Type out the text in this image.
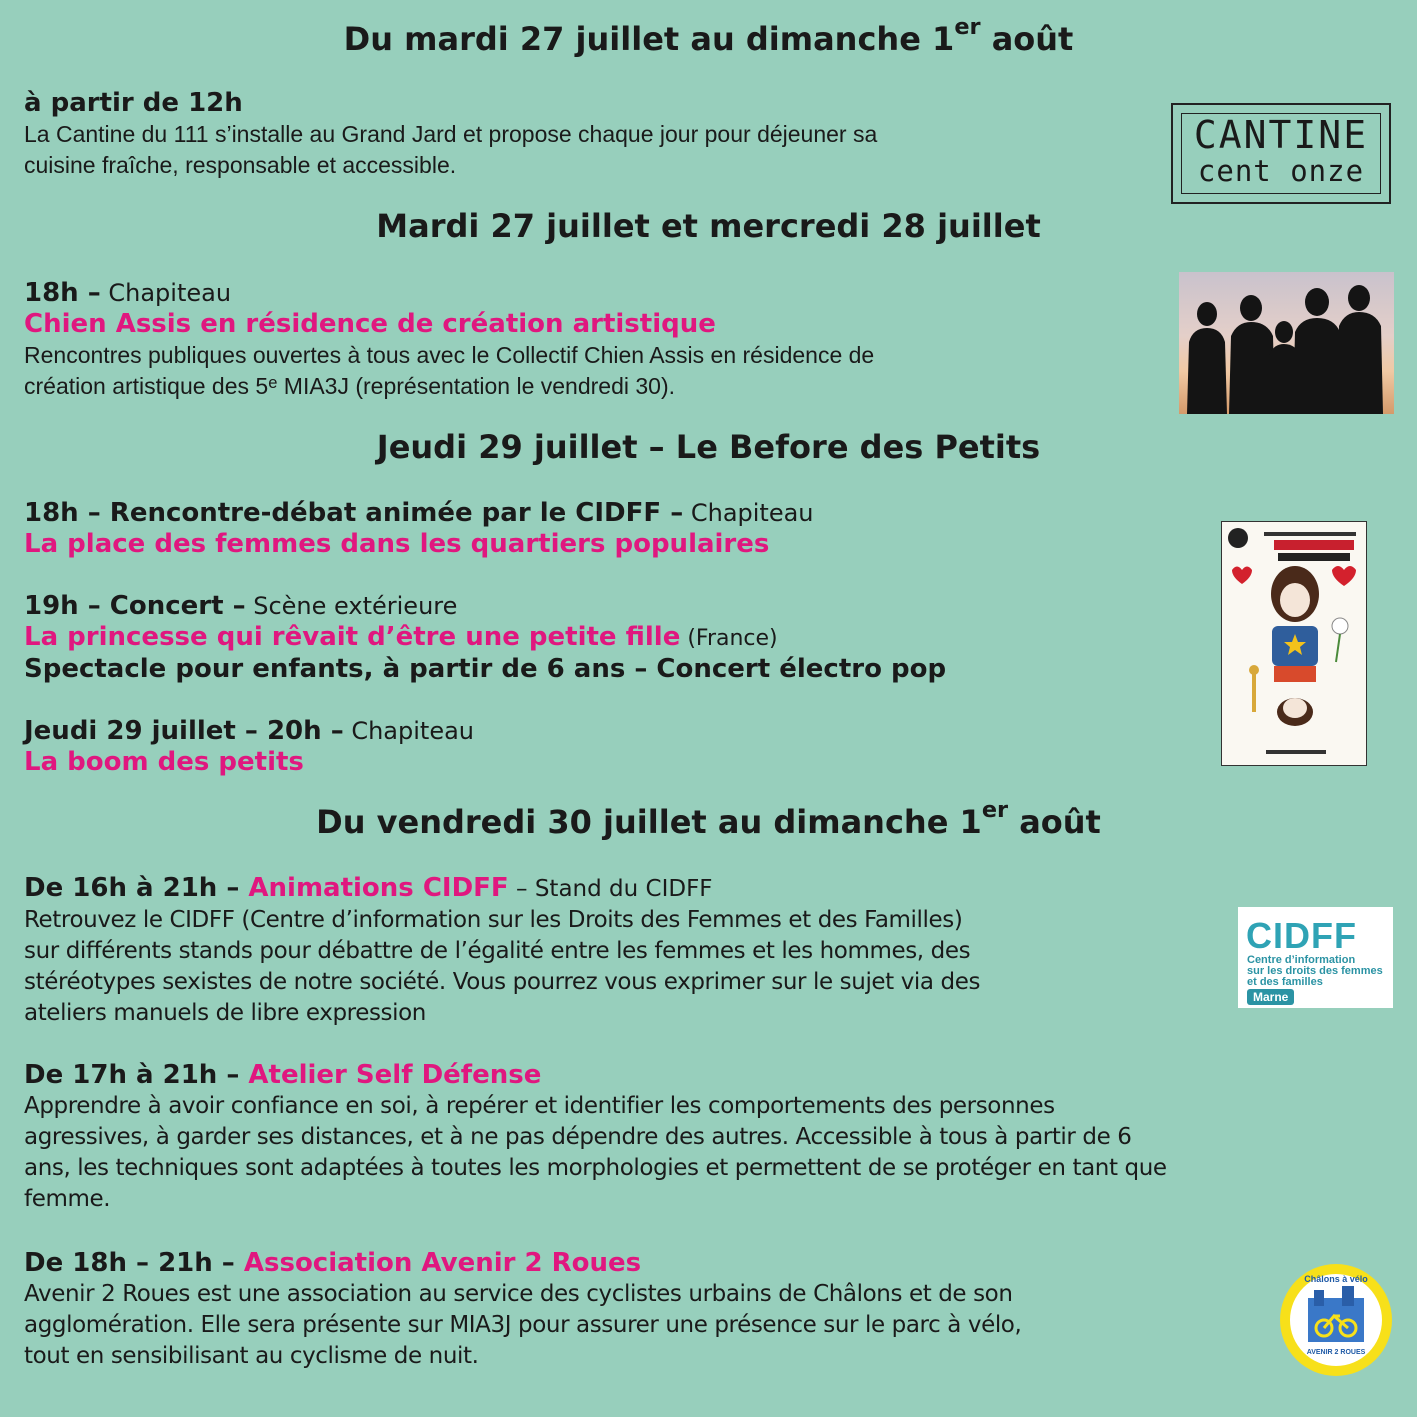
Du mardi 27 juillet au dimanche 1er août
à partir de 12h
La Cantine du 111 s’installe au Grand Jard et propose chaque jour pour déjeuner sa
cuisine fraîche, responsable et accessible.
CANTINE
cent onze
Mardi 27 juillet et mercredi 28 juillet
18h – Chapiteau
Chien Assis en résidence de création artistique
Rencontres publiques ouvertes à tous avec le Collectif Chien Assis en résidence de
création artistique des 5e MIA3J (représentation le vendredi 30).
Jeudi 29 juillet – Le Before des Petits
18h – Rencontre-débat animée par le CIDFF – Chapiteau
La place des femmes dans les quartiers populaires
19h – Concert – Scène extérieure
La princesse qui rêvait d’être une petite fille (France)
Spectacle pour enfants, à partir de 6 ans – Concert électro pop
Jeudi 29 juillet – 20h – Chapiteau
La boom des petits
Du vendredi 30 juillet au dimanche 1er août
De 16h à 21h – Animations CIDFF – Stand du CIDFF
Retrouvez le CIDFF (Centre d’information sur les Droits des Femmes et des Familles)
sur différents stands pour débattre de l’égalité entre les femmes et les hommes, des
stéréotypes sexistes de notre société. Vous pourrez vous exprimer sur le sujet via des
ateliers manuels de libre expression
CIDFF
Centre d’information
sur les droits des femmes
et des familles
Marne
De 17h à 21h – Atelier Self Défense
Apprendre à avoir confiance en soi, à repérer et identifier les comportements des personnes
agressives, à garder ses distances, et à ne pas dépendre des autres. Accessible à tous à partir de 6
ans, les techniques sont adaptées à toutes les morphologies et permettent de se protéger en tant que
femme.
De 18h – 21h – Association Avenir 2 Roues
Avenir 2 Roues est une association au service des cyclistes urbains de Châlons et de son
agglomération. Elle sera présente sur MIA3J pour assurer une présence sur le parc à vélo,
tout en sensibilisant au cyclisme de nuit.
Châlons à vélo
AVENIR 2 ROUES
